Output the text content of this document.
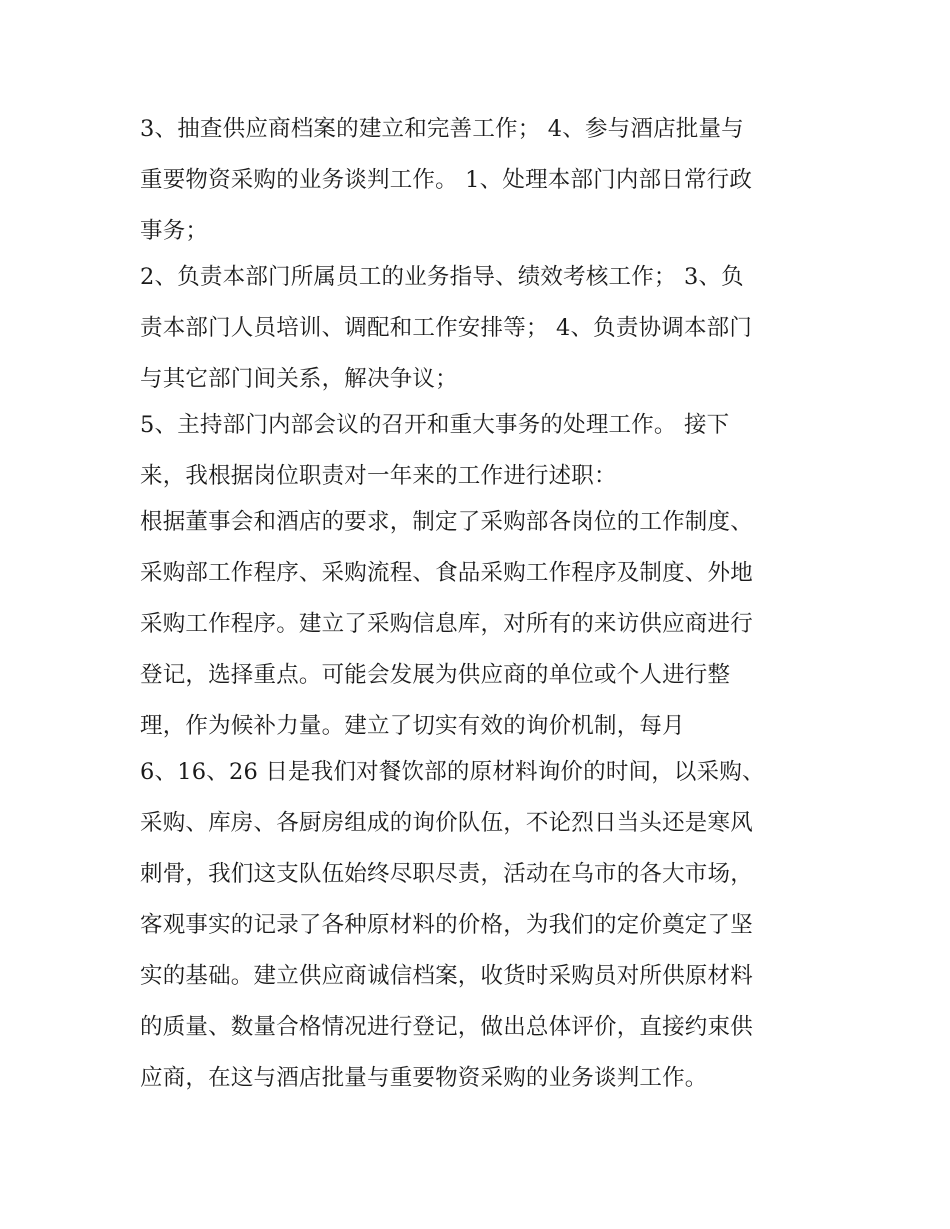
3、抽查供应商档案的建立和完善工作； 4、参与酒店批量与
重要物资采购的业务谈判工作。 1、处理本部门内部日常行政
事务；
2、负责本部门所属员工的业务指导、绩效考核工作； 3、负
责本部门人员培训、调配和工作安排等； 4、负责协调本部门
与其它部门间关系，解决争议；
5、主持部门内部会议的召开和重大事务的处理工作。 接下
来，我根据岗位职责对一年来的工作进行述职：
根据董事会和酒店的要求，制定了采购部各岗位的工作制度、
采购部工作程序、采购流程、食品采购工作程序及制度、外地
采购工作程序。建立了采购信息库，对所有的来访供应商进行
登记，选择重点。可能会发展为供应商的单位或个人进行整
理，作为候补力量。建立了切实有效的询价机制，每月
6、16、26 日是我们对餐饮部的原材料询价的时间，以采购、
采购、库房、各厨房组成的询价队伍，不论烈日当头还是寒风
刺骨，我们这支队伍始终尽职尽责，活动在乌市的各大市场，
客观事实的记录了各种原材料的价格，为我们的定价奠定了坚
实的基础。建立供应商诚信档案，收货时采购员对所供原材料
的质量、数量合格情况进行登记，做出总体评价，直接约束供
应商，在这与酒店批量与重要物资采购的业务谈判工作。
